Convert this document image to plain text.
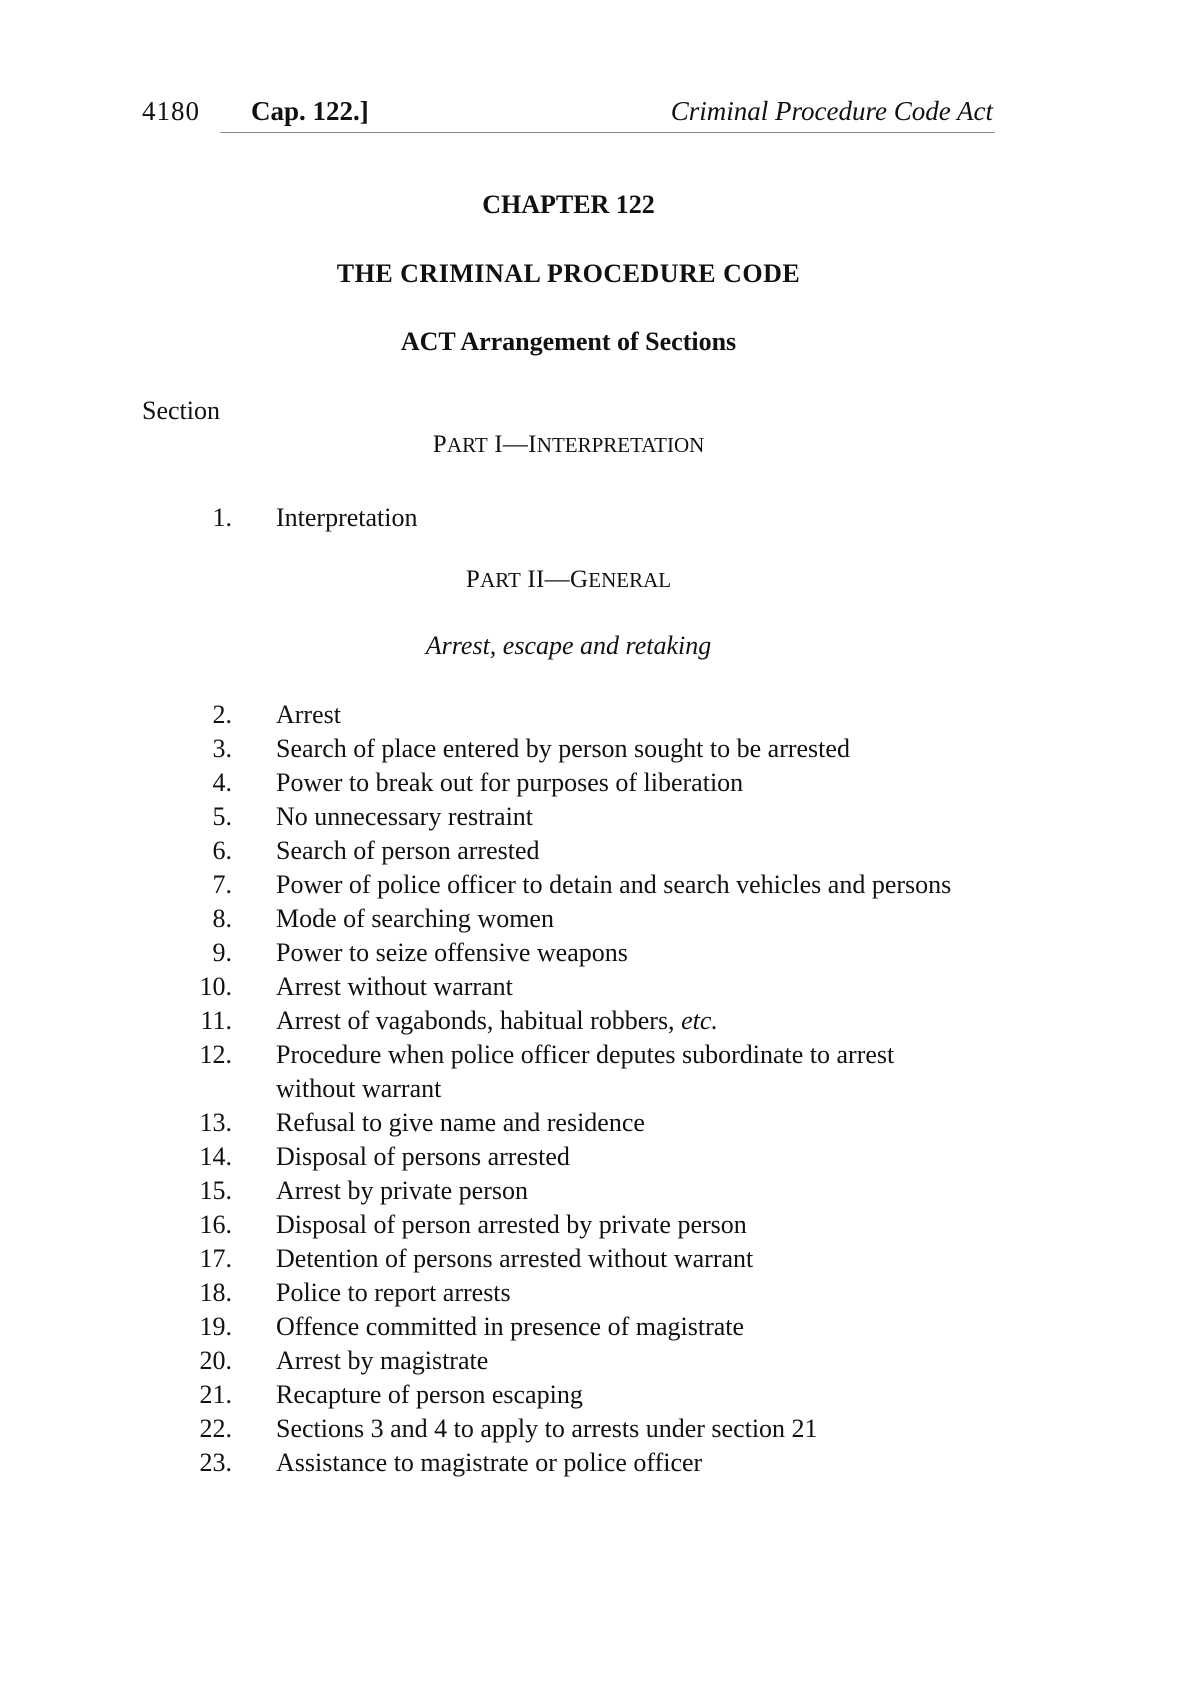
4180 Cap. 122.]	Criminal Procedure Code Act
CHAPTER 122
THE CRIMINAL PROCEDURE CODE
ACT Arrangement of Sections
Section
PART I—INTERPRETATION
1. Interpretation
PART II—GENERAL
Arrest, escape and retaking
2. Arrest
3. Search of place entered by person sought to be arrested
4. Power to break out for purposes of liberation
5. No unnecessary restraint
6. Search of person arrested
7. Power of police officer to detain and search vehicles and persons
8. Mode of searching women
9. Power to seize offensive weapons
10. Arrest without warrant
11. Arrest of vagabonds, habitual robbers, etc.
12. Procedure when police officer deputes subordinate to arrest without warrant
13. Refusal to give name and residence
14. Disposal of persons arrested
15. Arrest by private person
16. Disposal of person arrested by private person
17. Detention of persons arrested without warrant
18. Police to report arrests
19. Offence committed in presence of magistrate
20. Arrest by magistrate
21. Recapture of person escaping
22. Sections 3 and 4 to apply to arrests under section 21
23. Assistance to magistrate or police officer
